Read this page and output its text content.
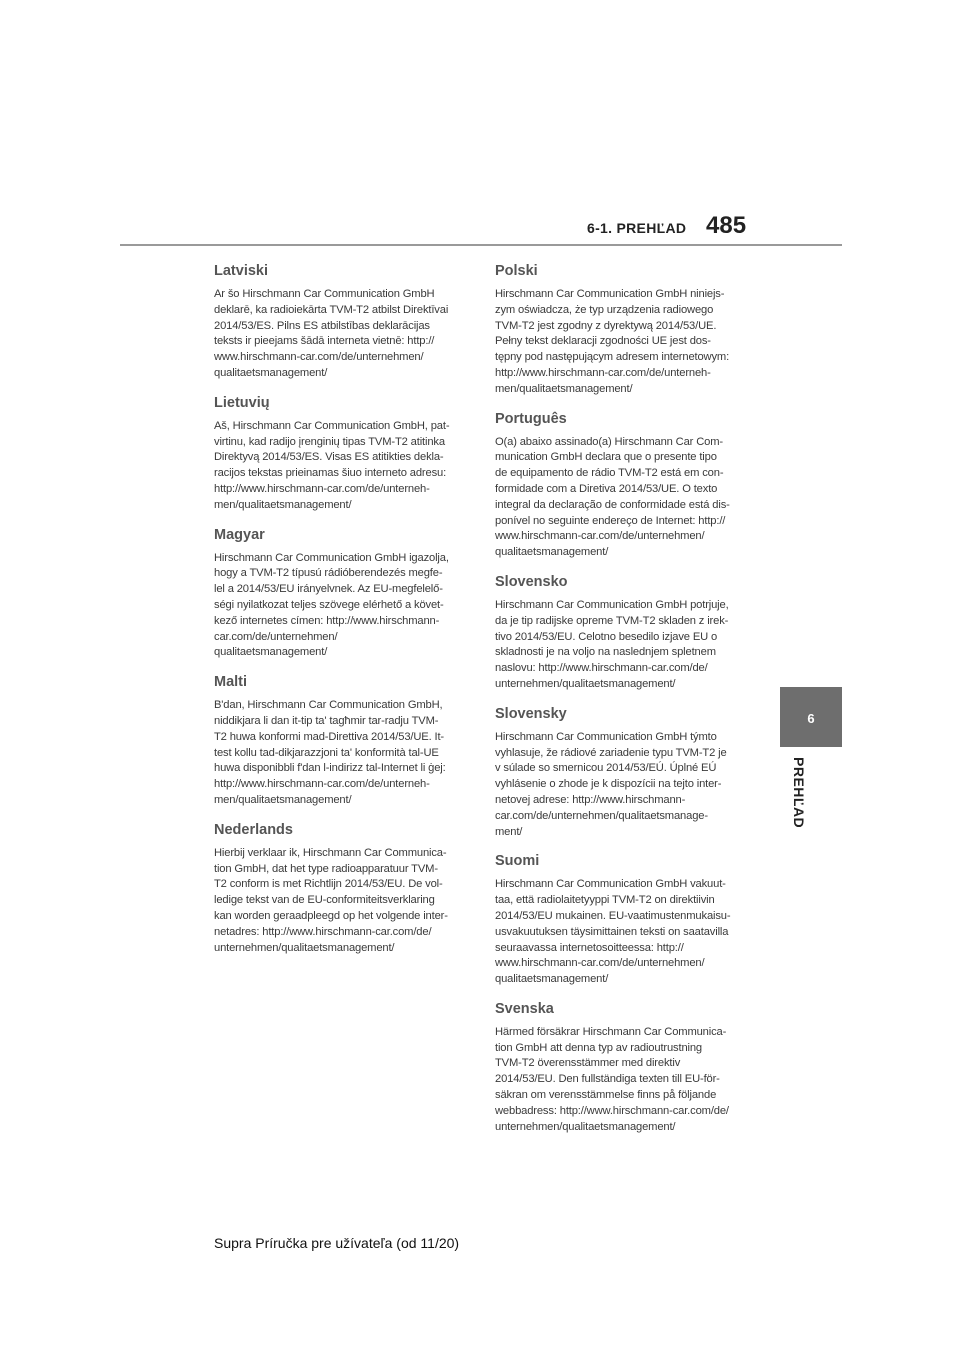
6-1. PREHĽAD 485
6
PREHĽAD
Latviski
Ar šo Hirschmann Car Communication GmbH
deklarē, ka radioiekārta TVM-T2 atbilst Direktīvai
2014/53/ES. Pilns ES atbilstības deklarācijas
teksts ir pieejams šādā interneta vietnē: http://
www.hirschmann-car.com/de/unternehmen/
qualitaetsmanagement/
Lietuvių
Aš, Hirschmann Car Communication GmbH, pat-
virtinu, kad radijo įrenginių tipas TVM-T2 atitinka
Direktyvą 2014/53/ES. Visas ES atitikties dekla-
racijos tekstas prieinamas šiuo interneto adresu:
http://www.hirschmann-car.com/de/unterneh-
men/qualitaetsmanagement/
Magyar
Hirschmann Car Communication GmbH igazolja,
hogy a TVM-T2 típusú rádióberendezés megfe-
lel a 2014/53/EU irányelvnek. Az EU-megfelelő-
ségi nyilatkozat teljes szövege elérhető a követ-
kező internetes címen: http://www.hirschmann-
car.com/de/unternehmen/
qualitaetsmanagement/
Malti
B'dan, Hirschmann Car Communication GmbH,
niddikjara li dan it-tip ta' tagħmir tar-radju TVM-
T2 huwa konformi mad-Direttiva 2014/53/UE. It-
test kollu tad-dikjarazzjoni ta' konformità tal-UE
huwa disponibbli f'dan l-indirizz tal-Internet li ġej:
http://www.hirschmann-car.com/de/unterneh-
men/qualitaetsmanagement/
Nederlands
Hierbij verklaar ik, Hirschmann Car Communica-
tion GmbH, dat het type radioapparatuur TVM-
T2 conform is met Richtlijn 2014/53/EU. De vol-
ledige tekst van de EU-conformiteitsverklaring
kan worden geraadpleegd op het volgende inter-
netadres: http://www.hirschmann-car.com/de/
unternehmen/qualitaetsmanagement/
Polski
Hirschmann Car Communication GmbH niniejs-
zym oświadcza, że typ urządzenia radiowego
TVM-T2 jest zgodny z dyrektywą 2014/53/UE.
Pełny tekst deklaracji zgodności UE jest dos-
tępny pod następującym adresem internetowym:
http://www.hirschmann-car.com/de/unterneh-
men/qualitaetsmanagement/
Português
O(a) abaixo assinado(a) Hirschmann Car Com-
munication GmbH declara que o presente tipo
de equipamento de rádio TVM-T2 está em con-
formidade com a Diretiva 2014/53/UE. O texto
integral da declaração de conformidade está dis-
ponível no seguinte endereço de Internet: http://
www.hirschmann-car.com/de/unternehmen/
qualitaetsmanagement/
Slovensko
Hirschmann Car Communication GmbH potrjuje,
da je tip radijske opreme TVM-T2 skladen z irek-
tivo 2014/53/EU. Celotno besedilo izjave EU o
skladnosti je na voljo na naslednjem spletnem
naslovu: http://www.hirschmann-car.com/de/
unternehmen/qualitaetsmanagement/
Slovensky
Hirschmann Car Communication GmbH týmto
vyhlasuje, že rádiové zariadenie typu TVM-T2 je
v súlade so smernicou 2014/53/EÚ. Úplné EÚ
vyhlásenie o zhode je k dispozícii na tejto inter-
netovej adrese: http://www.hirschmann-
car.com/de/unternehmen/qualitaetsmanage-
ment/
Suomi
Hirschmann Car Communication GmbH vakuut-
taa, että radiolaitetyyppi TVM-T2 on direktiivin
2014/53/EU mukainen. EU-vaatimustenmukaisu-
usvakuutuksen täysimittainen teksti on saatavilla
seuraavassa internetosoitteessa: http://
www.hirschmann-car.com/de/unternehmen/
qualitaetsmanagement/
Svenska
Härmed försäkrar Hirschmann Car Communica-
tion GmbH att denna typ av radioutrustning
TVM-T2 överensstämmer med direktiv
2014/53/EU. Den fullständiga texten till EU-för-
säkran om verensstämmelse finns på följande
webbadress: http://www.hirschmann-car.com/de/
unternehmen/qualitaetsmanagement/
Supra Príručka pre užívateľa (od 11/20)
